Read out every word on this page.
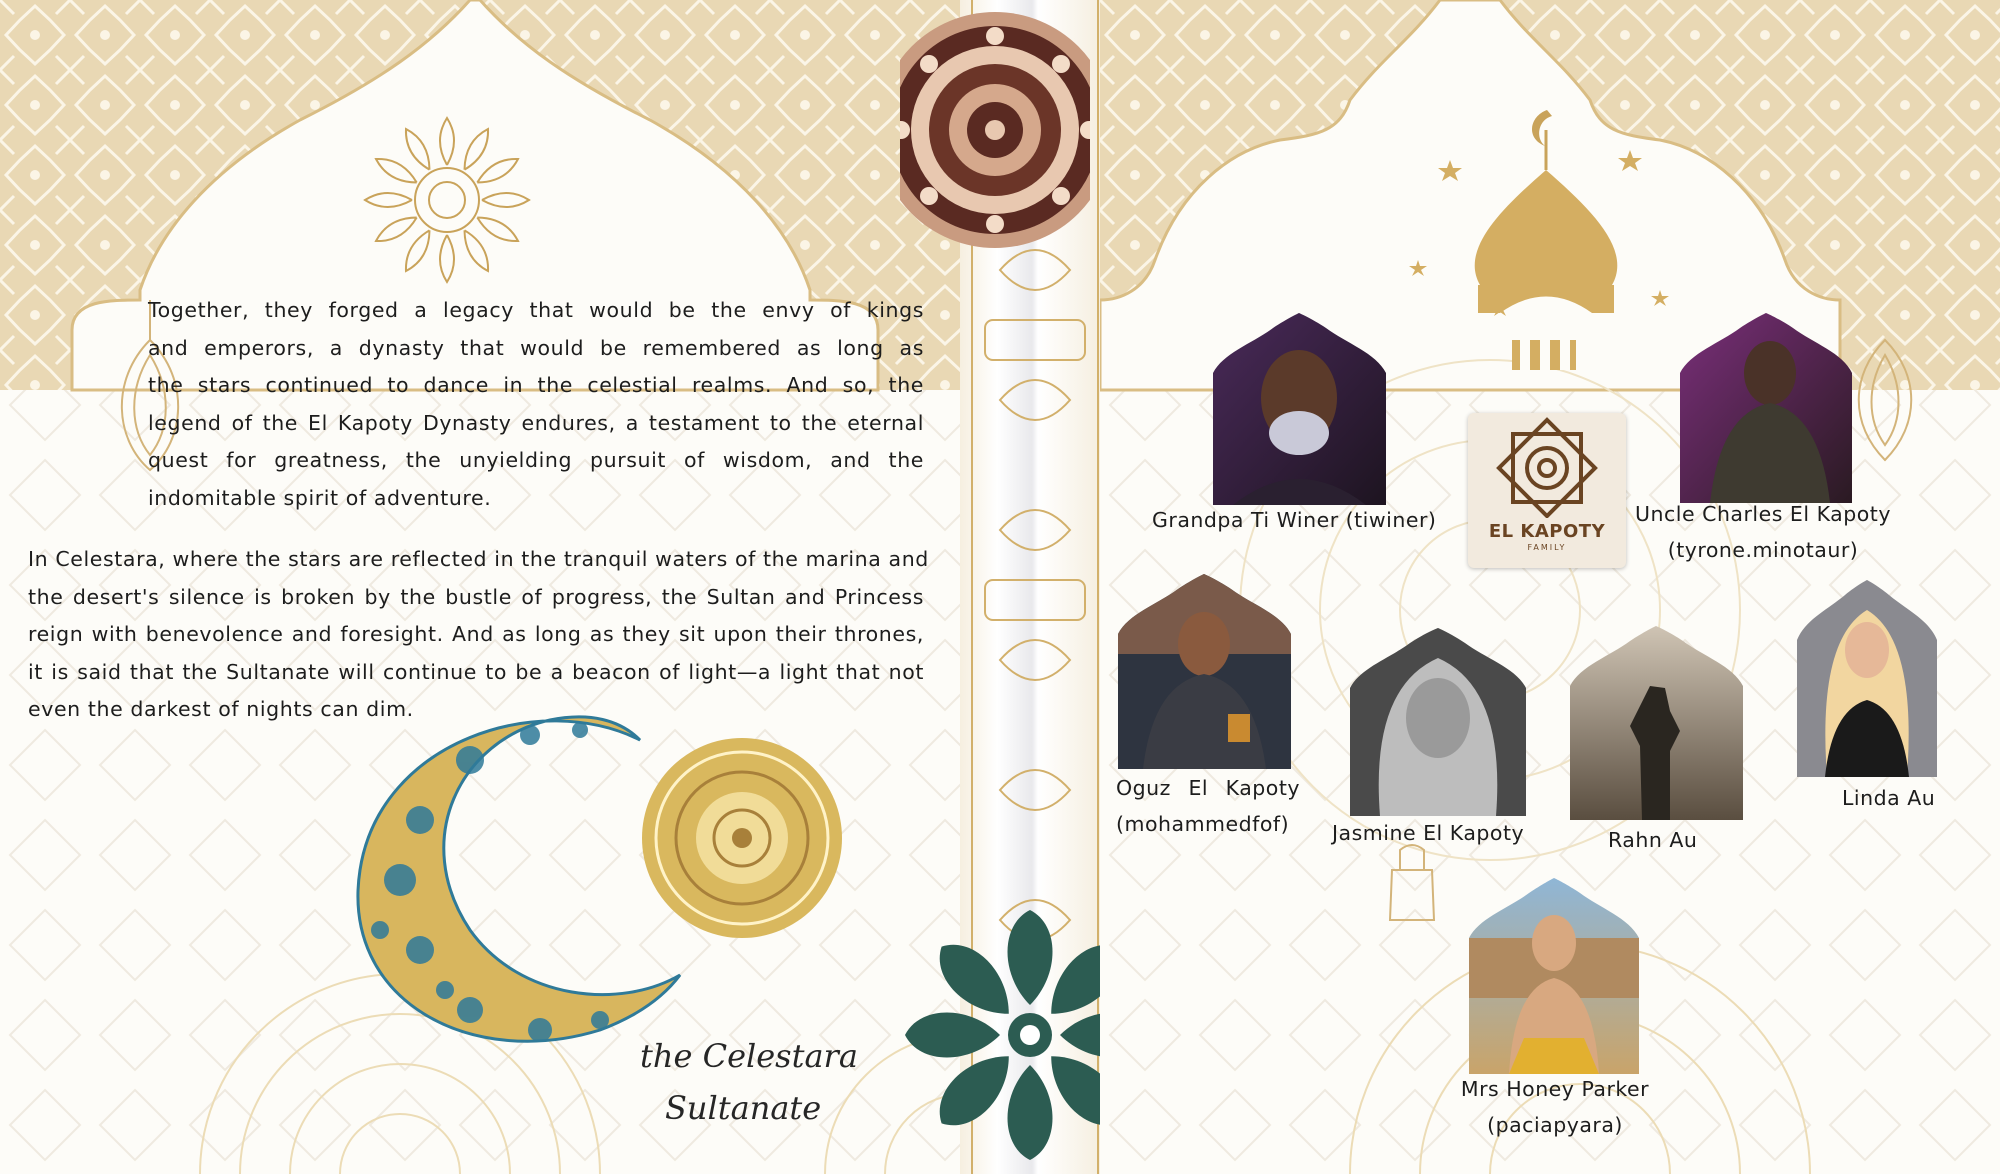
Together, they forged a legacy that would be the envy of kings
and emperors, a dynasty that would be remembered as long as
the stars continued to dance in the celestial realms. And so, the
legend of the El Kapoty Dynasty endures, a testament to the eternal
quest for greatness, the unyielding pursuit of wisdom, and the
indomitable spirit of adventure.
In Celestara, where the stars are reflected in the tranquil waters of the marina and
the desert's silence is broken by the bustle of progress, the Sultan and Princess
reign with benevolence and foresight. And as long as they sit upon their thrones,
it is said that the Sultanate will continue to be a beacon of light—a light that not
even the darkest of nights can dim.
the Celestara
Sultanate
Grandpa Ti Winer (tiwiner)	EL KAPOTY
FAMILY
Uncle Charles El Kapoty
(tyrone.minotaur)
Oguz El Kapoty
(mohammedfof)	Jasmine El Kapoty	Rahn Au
Linda Au
Mrs Honey Parker
(paciapyara)
